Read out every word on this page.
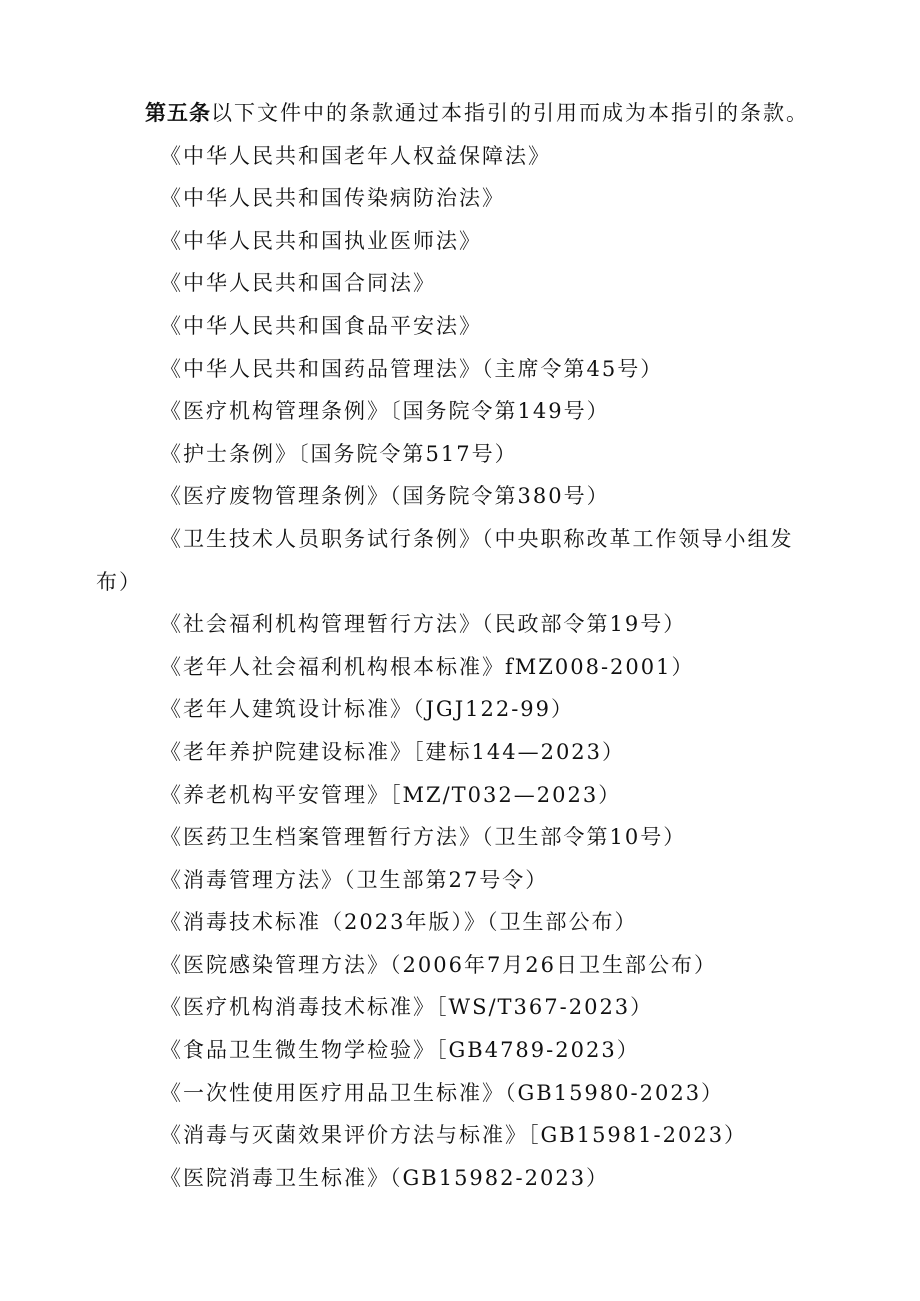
第五条以下文件中的条款通过本指引的引用而成为本指引的条款。
《中华人民共和国老年人权益保障法》
《中华人民共和国传染病防治法》
《中华人民共和国执业医师法》
《中华人民共和国合同法》
《中华人民共和国食品平安法》
《中华人民共和国药品管理法》（主席令第45号）
《医疗机构管理条例》〔国务院令第149号）
《护士条例》〔国务院令第517号）
《医疗废物管理条例》（国务院令第380号）
《卫生技术人员职务试行条例》（中央职称改革工作领导小组发
布）
《社会福利机构管理暂行方法》（民政部令第19号）
《老年人社会福利机构根本标准》fMZ008-2001）
《老年人建筑设计标准》（JGJ122-99）
《老年养护院建设标准》［建标144—2023）
《养老机构平安管理》［MZ/T032—2023）
《医药卫生档案管理暂行方法》（卫生部令第10号）
《消毒管理方法》（卫生部第27号令）
《消毒技术标准（2023年版）》（卫生部公布）
《医院感染管理方法》（2006年7月26日卫生部公布）
《医疗机构消毒技术标准》［WS/T367-2023）
《食品卫生微生物学检验》［GB4789-2023）
《一次性使用医疗用品卫生标准》（GB15980-2023）
《消毒与灭菌效果评价方法与标准》［GB15981-2023）
《医院消毒卫生标准》（GB15982-2023）
